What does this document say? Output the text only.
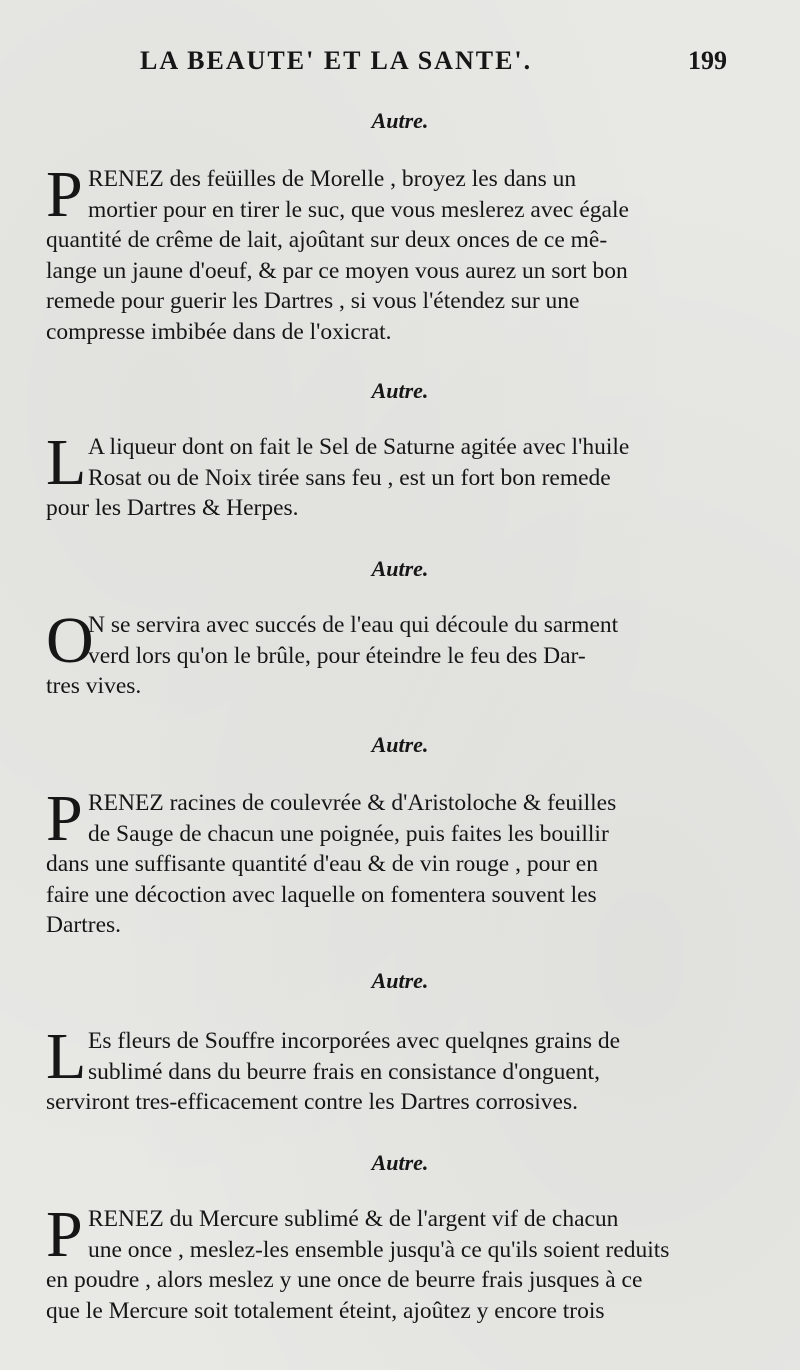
LA BEAUTE' ET LA SANTE'.	199
Autre.
P RENEZ des feüilles de Morelle , broyez les dans un
mortier pour en tirer le suc, que vous meslerez avec égale
quantité de crême de lait, ajoûtant sur deux onces de ce mê-
lange un jaune d'oeuf, & par ce moyen vous aurez un sort bon
remede pour guerir les Dartres , si vous l'étendez sur une
compresse imbibée dans de l'oxicrat.
Autre.
L A liqueur dont on fait le Sel de Saturne agitée avec l'huile
Rosat ou de Noix tirée sans feu , est un fort bon remede
pour les Dartres & Herpes.
Autre.
O
N se servira avec succés de l'eau qui découle du sarment
verd lors qu'on le brûle, pour éteindre le feu des Dar-
tres vives.
Autre.
P RENEZ racines de coulevrée & d'Aristoloche & feuilles
de Sauge de chacun une poignée, puis faites les bouillir
dans une suffisante quantité d'eau & de vin rouge , pour en
faire une décoction avec laquelle on fomentera souvent les
Dartres.
Autre.
L Es fleurs de Souffre incorporées avec quelqnes grains de
sublimé dans du beurre frais en consistance d'onguent,
serviront tres-efficacement contre les Dartres corrosives.
Autre.
P RENEZ du Mercure sublimé & de l'argent vif de chacun
une once , meslez-les ensemble jusqu'à ce qu'ils soient reduits
en poudre , alors meslez y une once de beurre frais jusques à ce
que le Mercure soit totalement éteint, ajoûtez y encore trois
